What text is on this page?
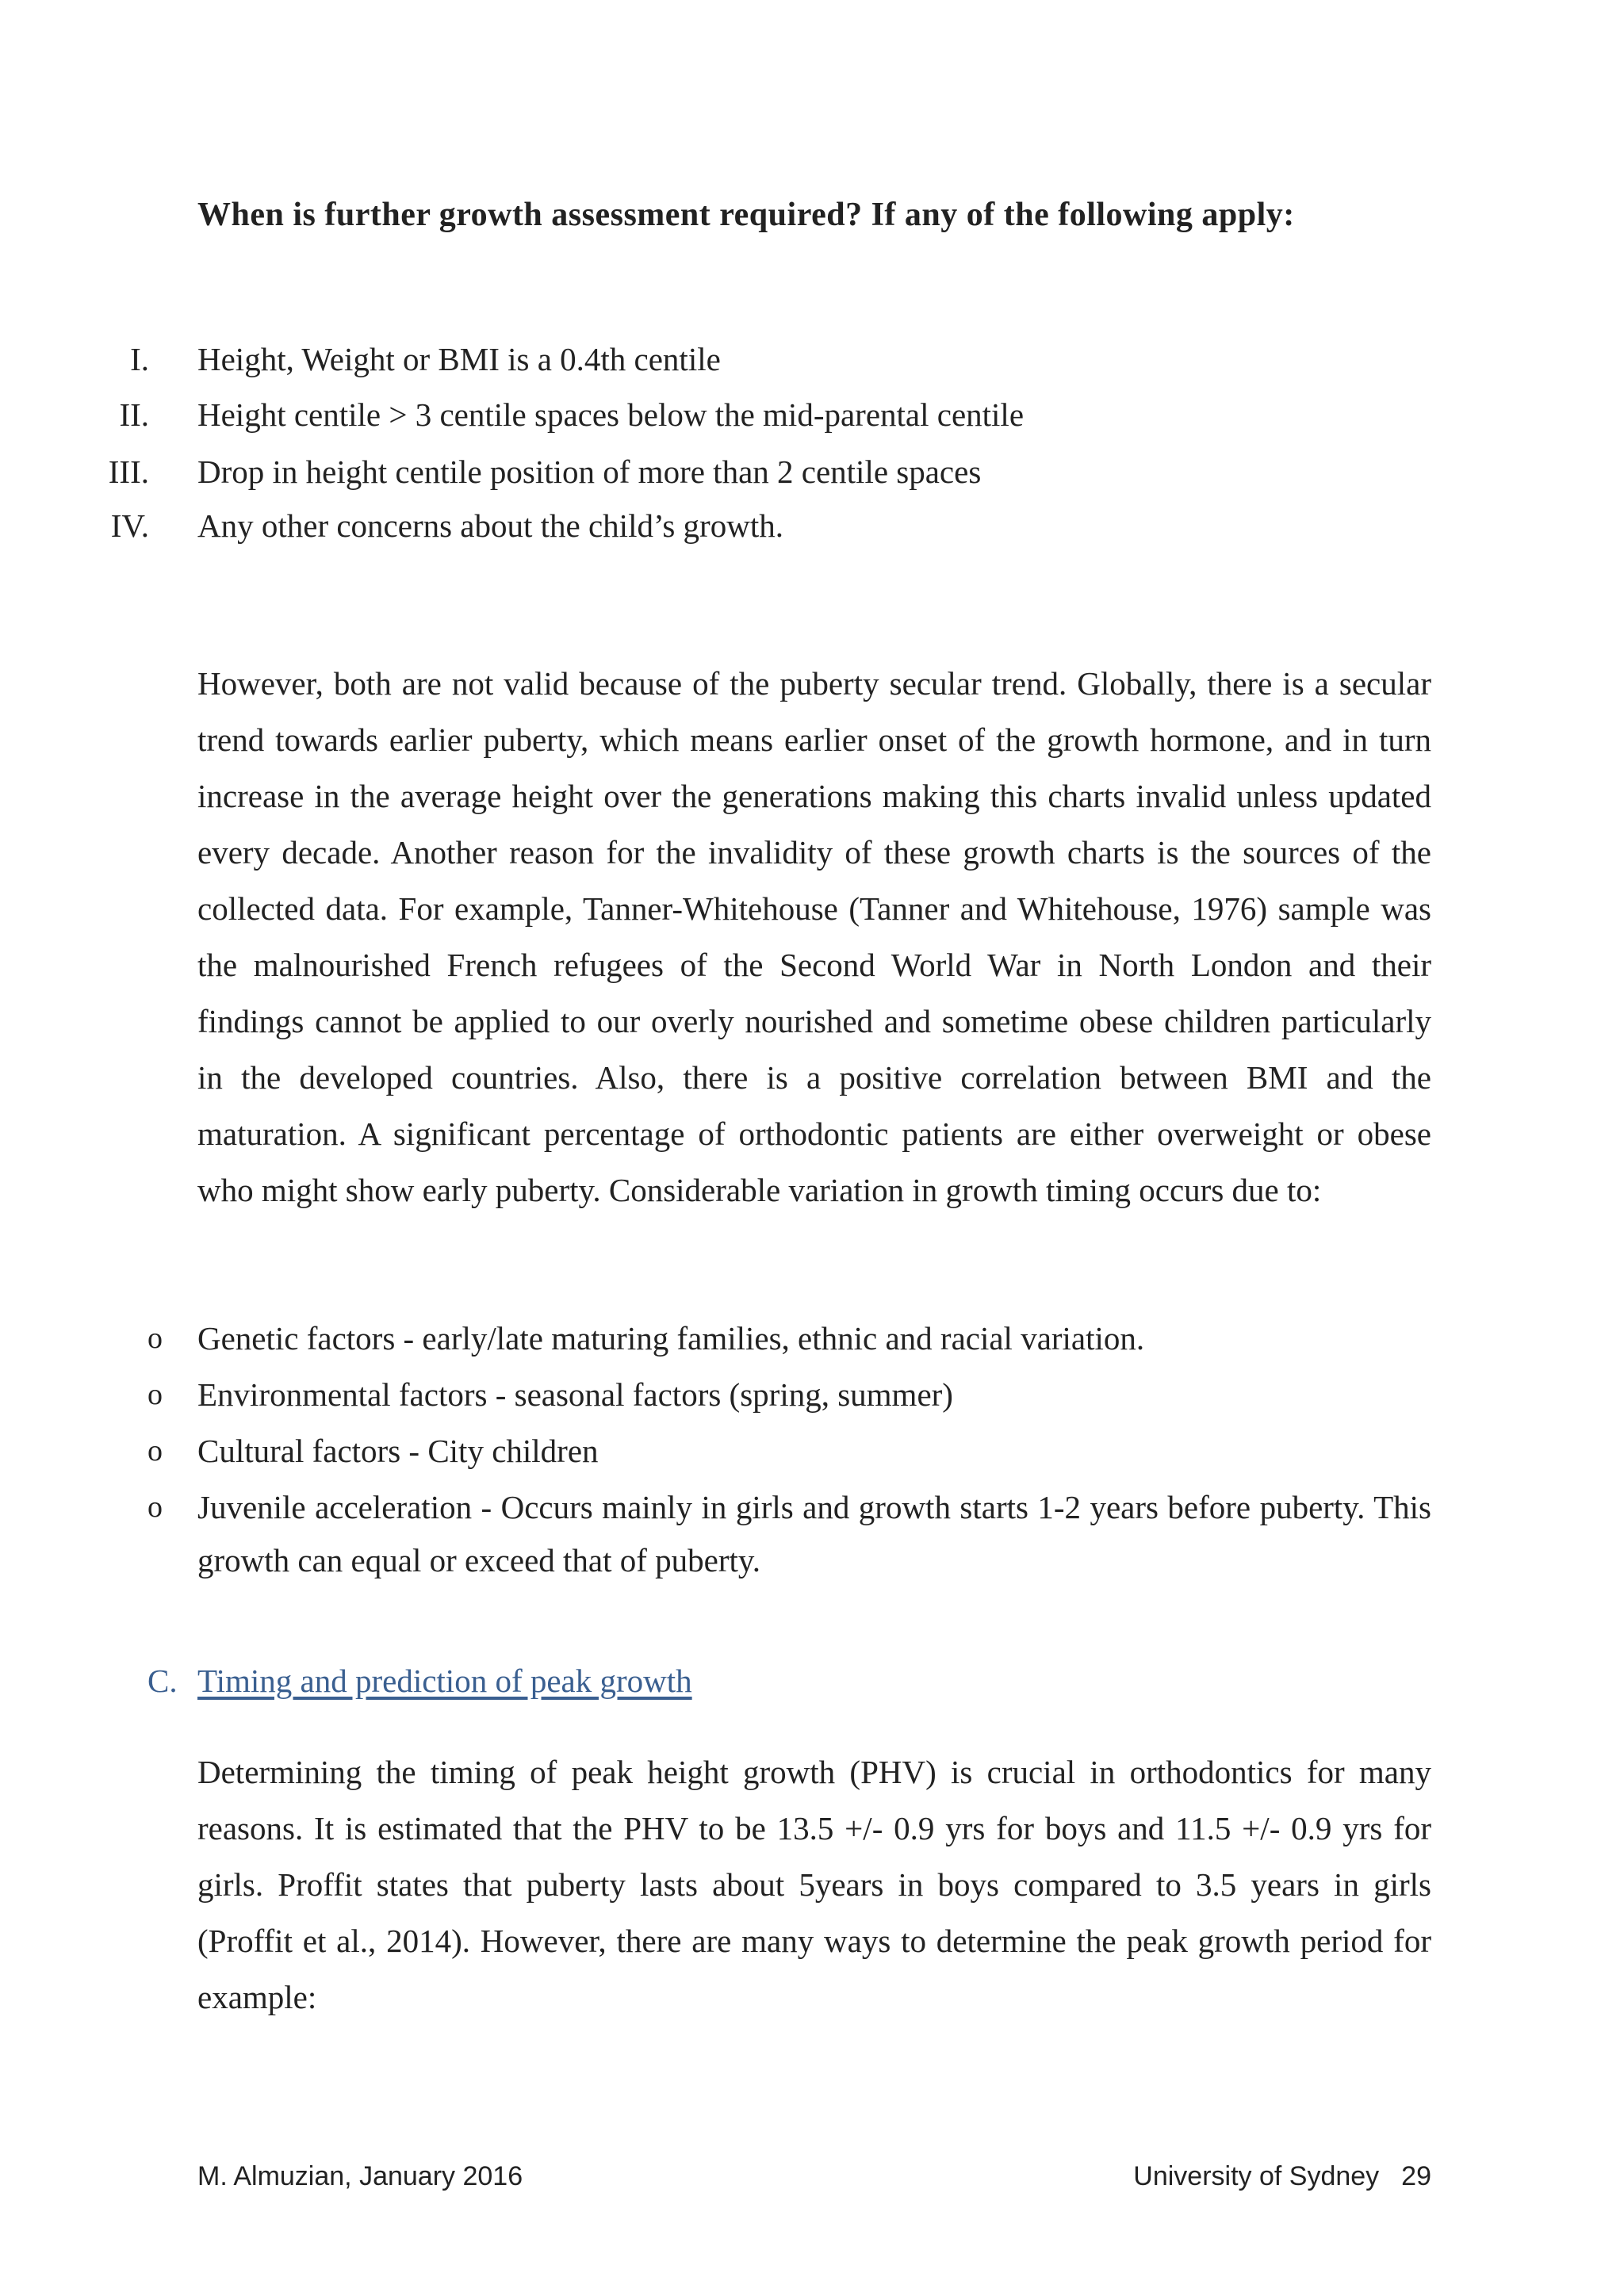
When is further growth assessment required? If any of the following apply:
I. Height, Weight or BMI is a 0.4th centile
II. Height centile > 3 centile spaces below the mid-parental centile
III. Drop in height centile position of more than 2 centile spaces
IV. Any other concerns about the child’s growth.
However, both are not valid because of the puberty secular trend. Globally, there is a secular trend towards earlier puberty, which means earlier onset of the growth hormone, and in turn increase in the average height over the generations making this charts invalid unless updated every decade. Another reason for the invalidity of these growth charts is the sources of the collected data. For example, Tanner-Whitehouse (Tanner and Whitehouse, 1976) sample was the malnourished French refugees of the Second World War in North London and their findings cannot be applied to our overly nourished and sometime obese children particularly in the developed countries. Also, there is a positive correlation between BMI and the maturation. A significant percentage of orthodontic patients are either overweight or obese who might show early puberty. Considerable variation in growth timing occurs due to:
o Genetic factors - early/late maturing families, ethnic and racial variation.
o Environmental factors - seasonal factors (spring, summer)
o Cultural factors - City children
o Juvenile acceleration - Occurs mainly in girls and growth starts 1-2 years before puberty. This growth can equal or exceed that of puberty.
C. Timing and prediction of peak growth
Determining the timing of peak height growth (PHV) is crucial in orthodontics for many reasons. It is estimated that the PHV to be 13.5 +/- 0.9 yrs for boys and 11.5 +/- 0.9 yrs for girls. Proffit states that puberty lasts about 5years in boys compared to 3.5 years in girls (Proffit et al., 2014). However, there are many ways to determine the peak growth period for example:
M. Almuzian, January 2016	University of Sydney 29
